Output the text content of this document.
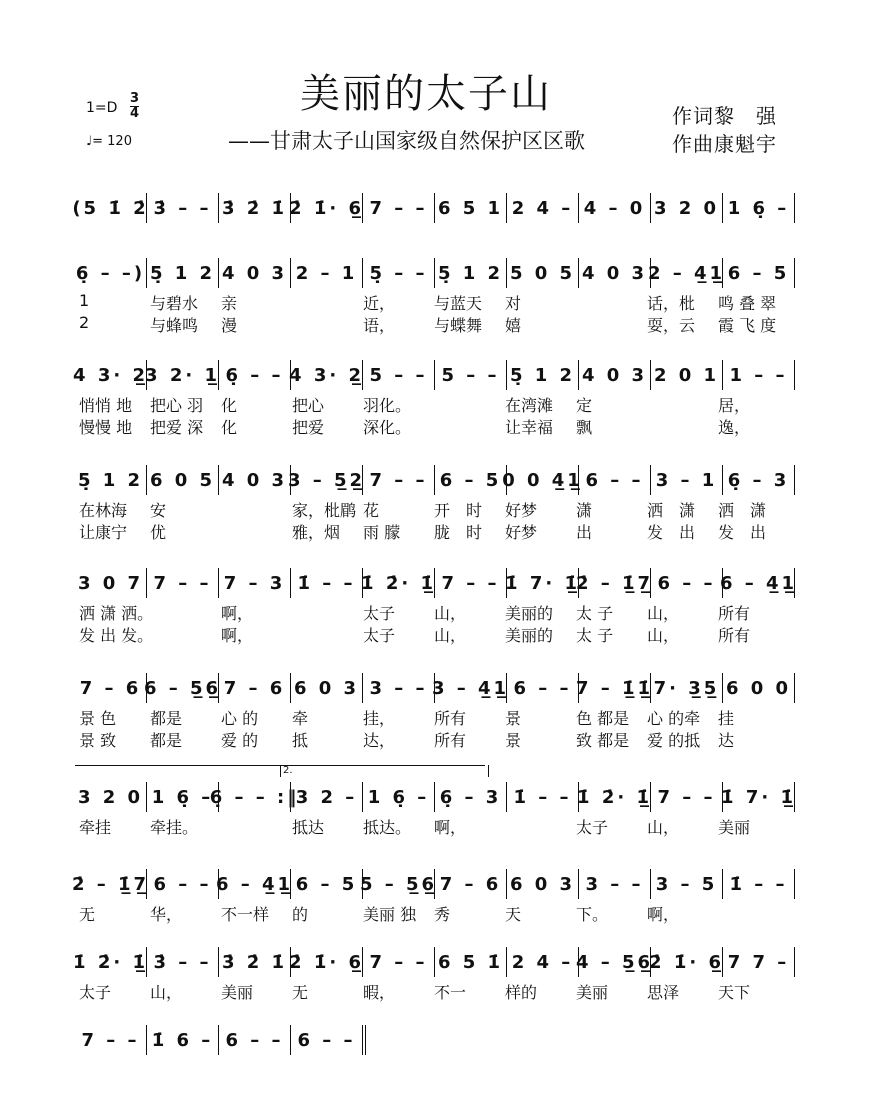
美丽的太子山
——甘肃太子山国家级自然保护区区歌
1=D
3
4
♩= 120
作词黎　强
作曲康魁宇
2.
(5 1̇ 2̇ 3̇ – – 3̇ 2̇ 1̇ 2̇ 1̇· 6̲ 7 – – 6 5 1 2 4 – 4 – 0 3 2 0 1 6̣ –
6̣ – –) 5̣ 1 2 4 0 3 2 – 1 5̣ – – 5̣ 1 2 5 0 5 4 0 3 2 – 4̲1̲ 6 – 5
1	与碧水	亲	近，	与蓝天	对	话，枇	鸣 叠 翠
2	与蜂鸣	漫	语，	与蝶舞	嬉	耍，云	霞 飞 度
4 3· 2̲
3 2· 1̲ 6̣ – – 4 3· 2̲ 5 – – 5 – – 5̣ 1 2 4 0 3 2 0 1 1 – –
悄悄 地	把心 羽	化	把心	羽化。	在湾滩	定	居，
慢慢 地	把爱 深	化	把爱	深化。	让幸福	飘	逸，
5̣ 1 2 6 0 5 4 0 3 3 – 5̲2̲ 7 – – 6 – 5 0 0 4̲1̲ 6 – – 3 – 1 6̣ – 3
在林海	安	家，枇鹛 花	开　时	好梦	潇	洒　潇	洒　潇
让康宁	优	雅，烟	雨 朦	胧　时	好梦	出	发　出	发　出
3 0 7 7 – – 7 – 3 1̇ – – 1̇ 2̇· 1̲̇ 7 – – 1̇ 7· 1̲̇
2̇ – 1̲̇7̲ 6 – – 6 – 4̲1̲
洒 潇 洒。	啊，	太子	山，	美丽的	太 子	山，	所有
发 出 发。	啊，	太子	山，	美丽的	太 子	山，	所有
7 – 6 6 – 5̲6̲ 7 – 6 6 0 3 3 – – 3 – 4̲1̲ 6 – – 7 – 1̲̇1̲̇ 7· 3̲5̲ 6 0 0
景 色	都是	心 的	牵	挂，	所有	景	色 都是	心 的牵	挂
景 致	都是	爱 的	抵	达，	所有	景	致 都是	爱 的抵	达
3 2 0 1 6̣ –
6̣ – – :‖
3 2 – 1 6̣ – 6̣ – 3 1̇ – – 1̇ 2̇· 1̲̇ 7 – – 1̇ 7· 1̲̇
牵挂	牵挂。	抵达	抵达。	啊，	太子	山，	美丽
2̇ – 1̲̇7̲ 6 – – 6 – 4̲1̲ 6 – 5 5 – 5̲6̲ 7 – 6 6 0 3 3 – – 3 – 5 1̇ – –
无	华，	不一样	的	美丽 独	秀	天	下。	啊，
1̇ 2̇· 1̲̇ 3̇ – – 3̇ 2̇ 1̇ 2̇ 1̇· 6̲ 7 – – 6 5 1̇ 2 4 – 4 – 5̲6̲
2̇ 1̇· 6̲ 7 7 –
太子	山，	美丽	无	暇，	不一	样的	美丽	思泽	天下
7 – – 1̇ 6 – 6 – – 6 – –
